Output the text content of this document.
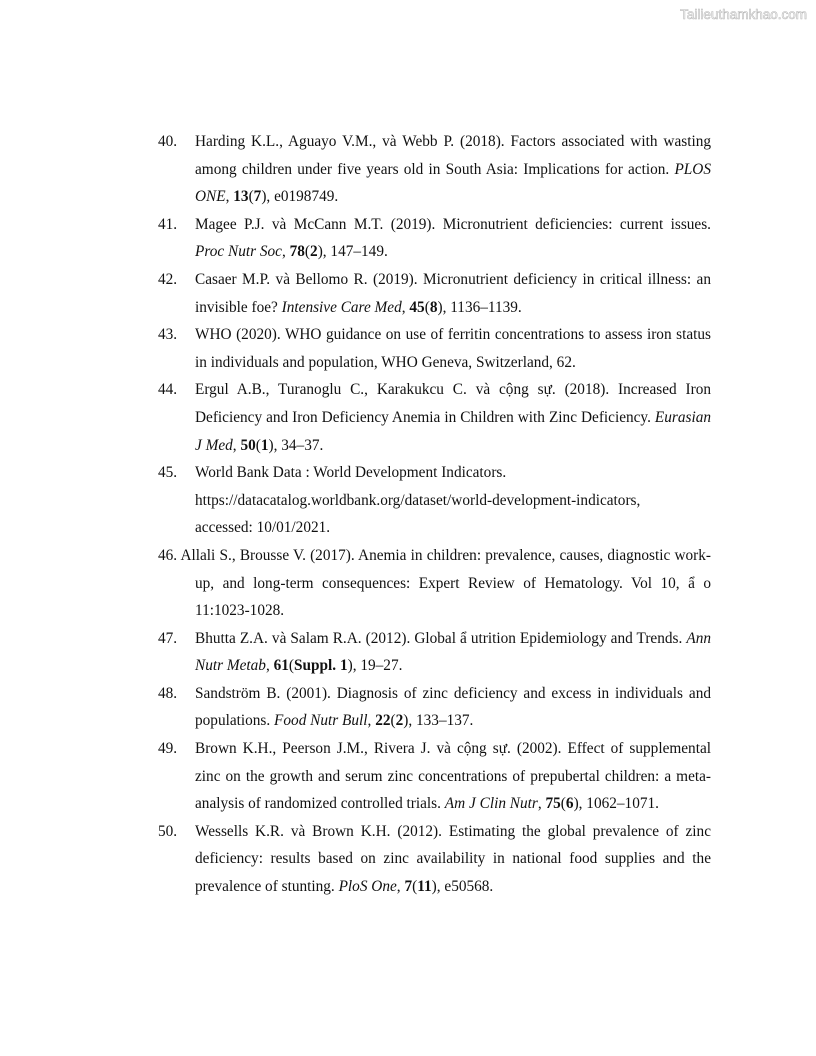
Tailieuthamkhao.com
40.	Harding K.L., Aguayo V.M., và Webb P. (2018). Factors associated with wasting among children under five years old in South Asia: Implications for action. PLOS ONE, 13(7), e0198749.
41.	Magee P.J. và McCann M.T. (2019). Micronutrient deficiencies: current issues. Proc Nutr Soc, 78(2), 147–149.
42.	Casaer M.P. và Bellomo R. (2019). Micronutrient deficiency in critical illness: an invisible foe? Intensive Care Med, 45(8), 1136–1139.
43.	WHO (2020). WHO guidance on use of ferritin concentrations to assess iron status in individuals and population, WHO Geneva, Switzerland, 62.
44.	Ergul A.B., Turanoglu C., Karakukcu C. và cộng sự. (2018). Increased Iron Deficiency and Iron Deficiency Anemia in Children with Zinc Deficiency. Eurasian J Med, 50(1), 34–37.
45.	World Bank Data : World Development Indicators.
https://datacatalog.worldbank.org/dataset/world-development-indicators,
accessed: 10/01/2021.
46. Allali S., Brousse V. (2017). Anemia in children: prevalence, causes, diagnostic work-up, and long-term consequences: Expert Review of Hematology. Vol 10, ẩ o 11:1023-1028.
47.	Bhutta Z.A. và Salam R.A. (2012). Global ẩ utrition Epidemiology and Trends. Ann Nutr Metab, 61(Suppl. 1), 19–27.
48.	Sandström B. (2001). Diagnosis of zinc deficiency and excess in individuals and populations. Food Nutr Bull, 22(2), 133–137.
49.	Brown K.H., Peerson J.M., Rivera J. và cộng sự. (2002). Effect of supplemental zinc on the growth and serum zinc concentrations of prepubertal children: a meta-analysis of randomized controlled trials. Am J Clin Nutr, 75(6), 1062–1071.
50.	Wessells K.R. và Brown K.H. (2012). Estimating the global prevalence of zinc deficiency: results based on zinc availability in national food supplies and the prevalence of stunting. PloS One, 7(11), e50568.
